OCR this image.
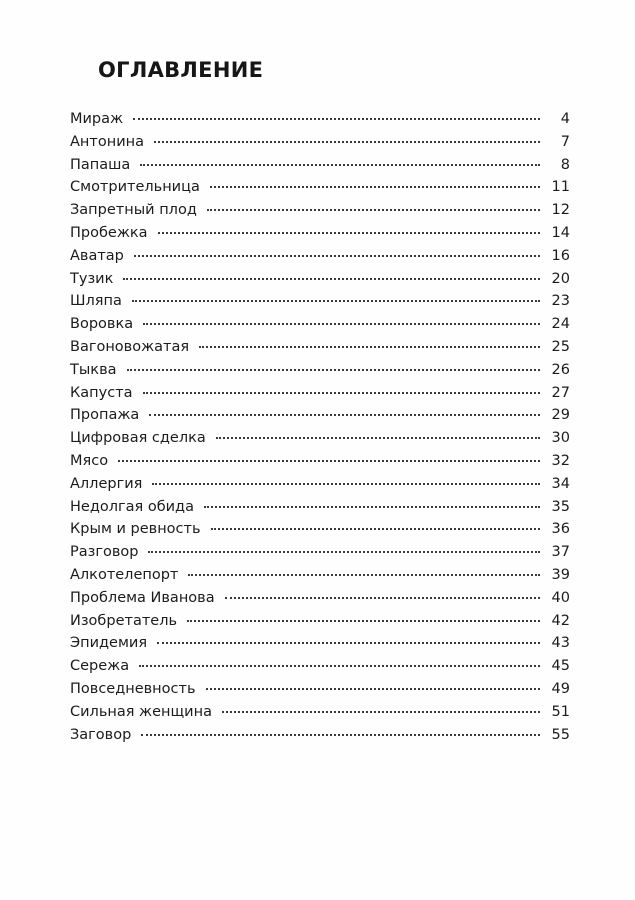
ОГЛАВЛЕНИЕ
Мираж	4
Антонина	7
Папаша	8
Смотрительница	11
Запретный плод	12
Пробежка	14
Аватар	16
Тузик	20
Шляпа	23
Воровка	24
Вагоновожатая	25
Тыква	26
Капуста	27
Пропажа	29
Цифровая сделка	30
Мясо	32
Аллергия	34
Недолгая обида	35
Крым и ревность	36
Разговор	37
Алкотелепорт	39
Проблема Иванова	40
Изобретатель	42
Эпидемия	43
Сережа	45
Повседневность	49
Сильная женщина	51
Заговор	55
